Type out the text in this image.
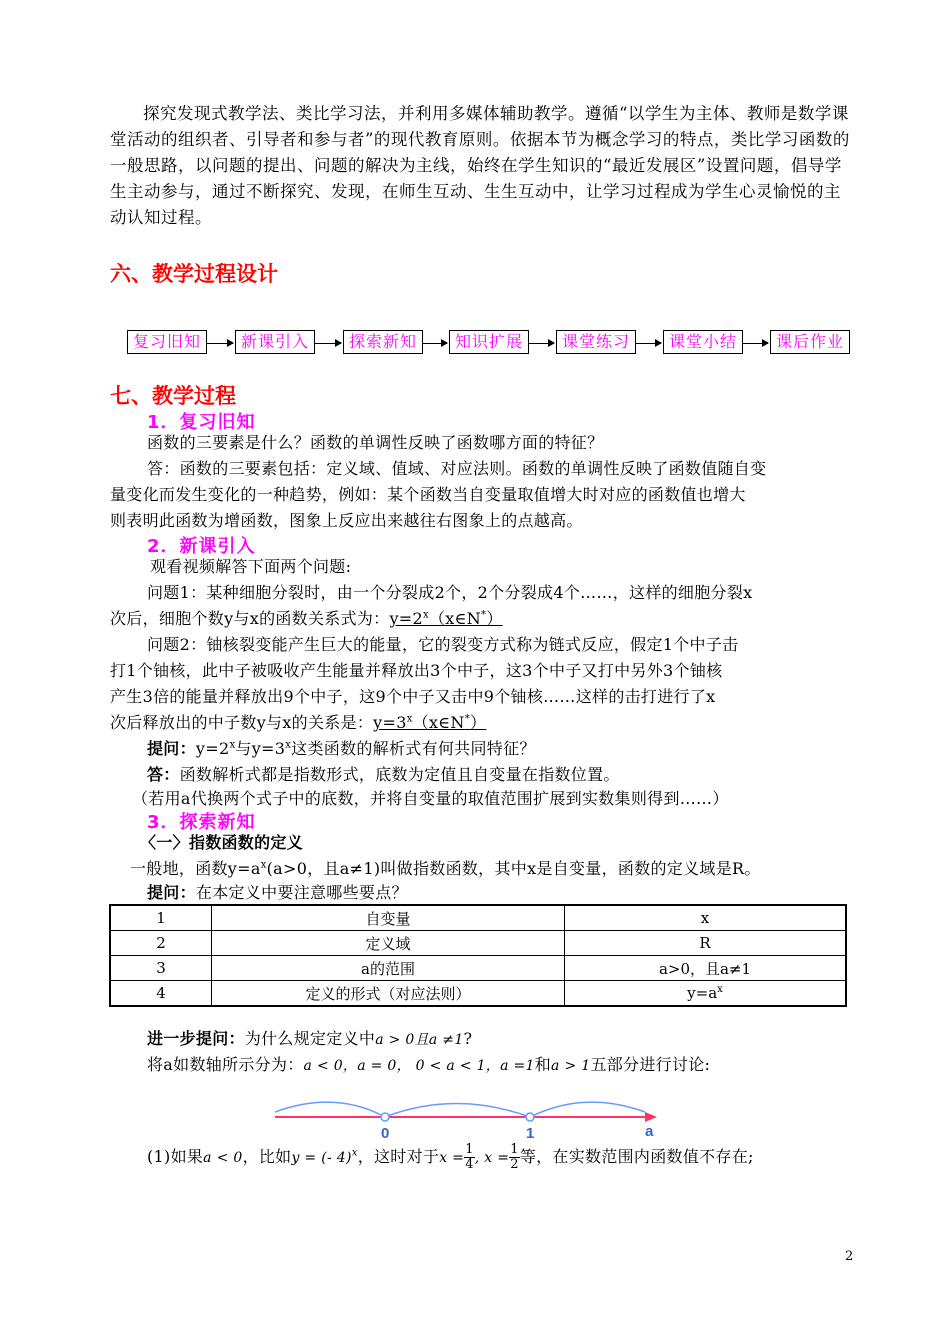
探究发现式教学法、类比学习法，并利用多媒体辅助教学。遵循“以学生为主体、教师是数学课堂活动的组织者、引导者和参与者”的现代教育原则。依据本节为概念学习的特点，类比学习函数的一般思路，以问题的提出、问题的解决为主线，始终在学生知识的“最近发展区”设置问题，倡导学生主动参与，通过不断探究、发现，在师生互动、生生互动中，让学习过程成为学生心灵愉悦的主动认知过程。
六、教学过程设计
复习旧知	新课引入	探索新知	知识扩展	课堂练习	课堂小结	课后作业
七、教学过程
1．复习旧知
函数的三要素是什么？函数的单调性反映了函数哪方面的特征？
答：函数的三要素包括：定义域、值域、对应法则。函数的单调性反映了函数值随自变
量变化而发生变化的一种趋势，例如：某个函数当自变量取值增大时对应的函数值也增大
则表明此函数为增函数，图象上反应出来越往右图象上的点越高。
2．新课引入
观看视频解答下面两个问题:
问题1：某种细胞分裂时，由一个分裂成2个，2个分裂成4个……，这样的细胞分裂x
次后，细胞个数y与x的函数关系式为：$y=2^x(x\in N^*)$
问题2：铀核裂变能产生巨大的能量，它的裂变方式称为链式反应，假定1个中子击
打1个铀核，此中子被吸收产生能量并释放出3个中子，这3个中子又打中另外3个铀核
产生3倍的能量并释放出9个中子，这9个中子又击中9个铀核……这样的击打进行了x
次后释放出的中子数y与x的关系是：$y=3^x(x\in N^*)$
提问：$y=2^x$与$y=3^x$这类函数的解析式有何共同特征？
答：函数解析式都是指数形式，底数为定值且自变量在指数位置。
（若用a代换两个式子中的底数，并将自变量的取值范围扩展到实数集则得到……）
3．探索新知
〈一〉指数函数的定义
一般地，函数$y=a^x(a>0$，且a≠1)叫做指数函数，其中x是自变量，函数的定义域是R。
提问：在本定义中要注意哪些要点？
1	自变量	x
2	定义域	R
3	a的范围	a>0，且a≠1
4	定义的形式（对应法则）	$y=a^x$
进一步提问：为什么规定定义中a > 0且a ≠1?
将a如数轴所示分为：a < 0，a = 0， 0 < a < 1，a =1和a > 1五部分进行讨论:
0	1	a
(1)如果a < 0，比如y = (- 4)$^x$，这时对于$x = \frac{1}{4}$ , $x = \frac{1}{2}$ 等，在实数范围内函数值不存在;
2
